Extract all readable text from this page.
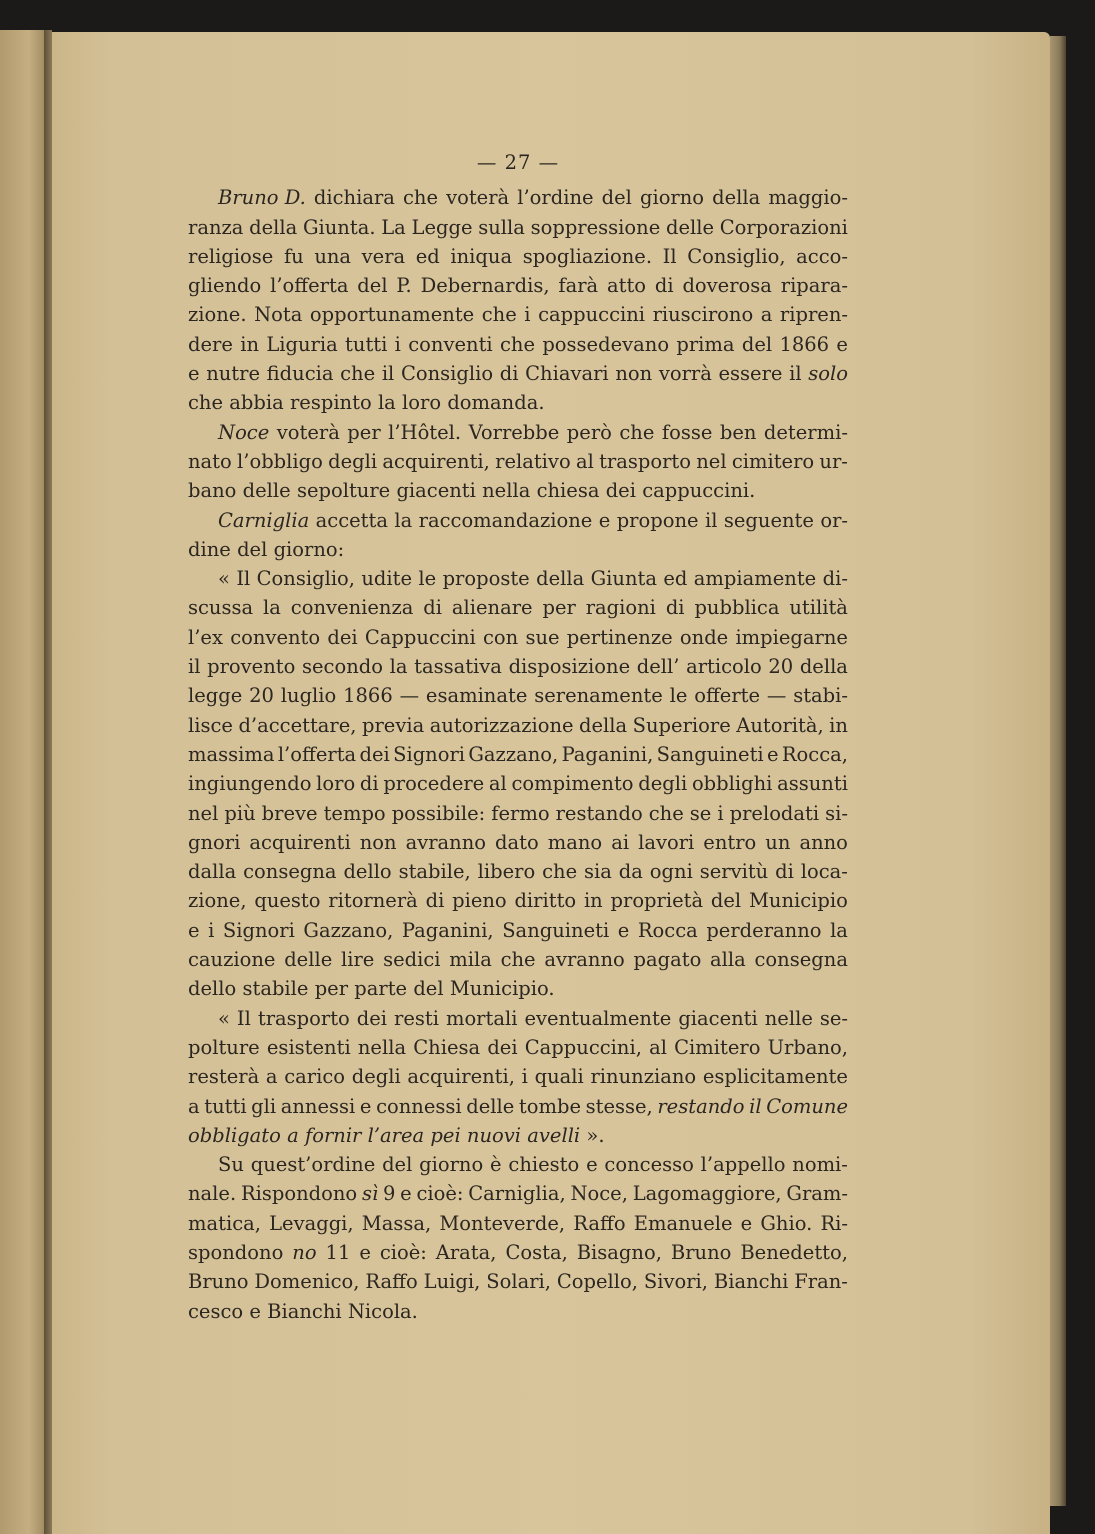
— 27 —
Bruno D. dichiara che voterà l’ordine del giorno della maggio-
ranza della Giunta. La Legge sulla soppressione delle Corporazioni
religiose fu una vera ed iniqua spogliazione. Il Consiglio, acco-
gliendo l’offerta del P. Debernardis, farà atto di doverosa ripara-
zione. Nota opportunamente che i cappuccini riuscirono a ripren-
dere in Liguria tutti i conventi che possedevano prima del 1866 e
e nutre fiducia che il Consiglio di Chiavari non vorrà essere il solo
che abbia respinto la loro domanda.
Noce voterà per l’Hôtel. Vorrebbe però che fosse ben determi-
nato l’obbligo degli acquirenti, relativo al trasporto nel cimitero ur-
bano delle sepolture giacenti nella chiesa dei cappuccini.
Carniglia accetta la raccomandazione e propone il seguente or-
dine del giorno:
« Il Consiglio, udite le proposte della Giunta ed ampiamente di-
scussa la convenienza di alienare per ragioni di pubblica utilità
l’ex convento dei Cappuccini con sue pertinenze onde impiegarne
il provento secondo la tassativa disposizione dell’ articolo 20 della
legge 20 luglio 1866 — esaminate serenamente le offerte — stabi-
lisce d’accettare, previa autorizzazione della Superiore Autorità, in
massima l’offerta dei Signori Gazzano, Paganini, Sanguineti e Rocca,
ingiungendo loro di procedere al compimento degli obblighi assunti
nel più breve tempo possibile: fermo restando che se i prelodati si-
gnori acquirenti non avranno dato mano ai lavori entro un anno
dalla consegna dello stabile, libero che sia da ogni servitù di loca-
zione, questo ritornerà di pieno diritto in proprietà del Municipio
e i Signori Gazzano, Paganini, Sanguineti e Rocca perderanno la
cauzione delle lire sedici mila che avranno pagato alla consegna
dello stabile per parte del Municipio.
« Il trasporto dei resti mortali eventualmente giacenti nelle se-
polture esistenti nella Chiesa dei Cappuccini, al Cimitero Urbano,
resterà a carico degli acquirenti, i quali rinunziano esplicitamente
a tutti gli annessi e connessi delle tombe stesse, restando il Comune
obbligato a fornir l’area pei nuovi avelli ».
Su quest’ordine del giorno è chiesto e concesso l’appello nomi-
nale. Rispondono sì 9 e cioè: Carniglia, Noce, Lagomaggiore, Gram-
matica, Levaggi, Massa, Monteverde, Raffo Emanuele e Ghio. Ri-
spondono no 11 e cioè: Arata, Costa, Bisagno, Bruno Benedetto,
Bruno Domenico, Raffo Luigi, Solari, Copello, Sivori, Bianchi Fran-
cesco e Bianchi Nicola.
